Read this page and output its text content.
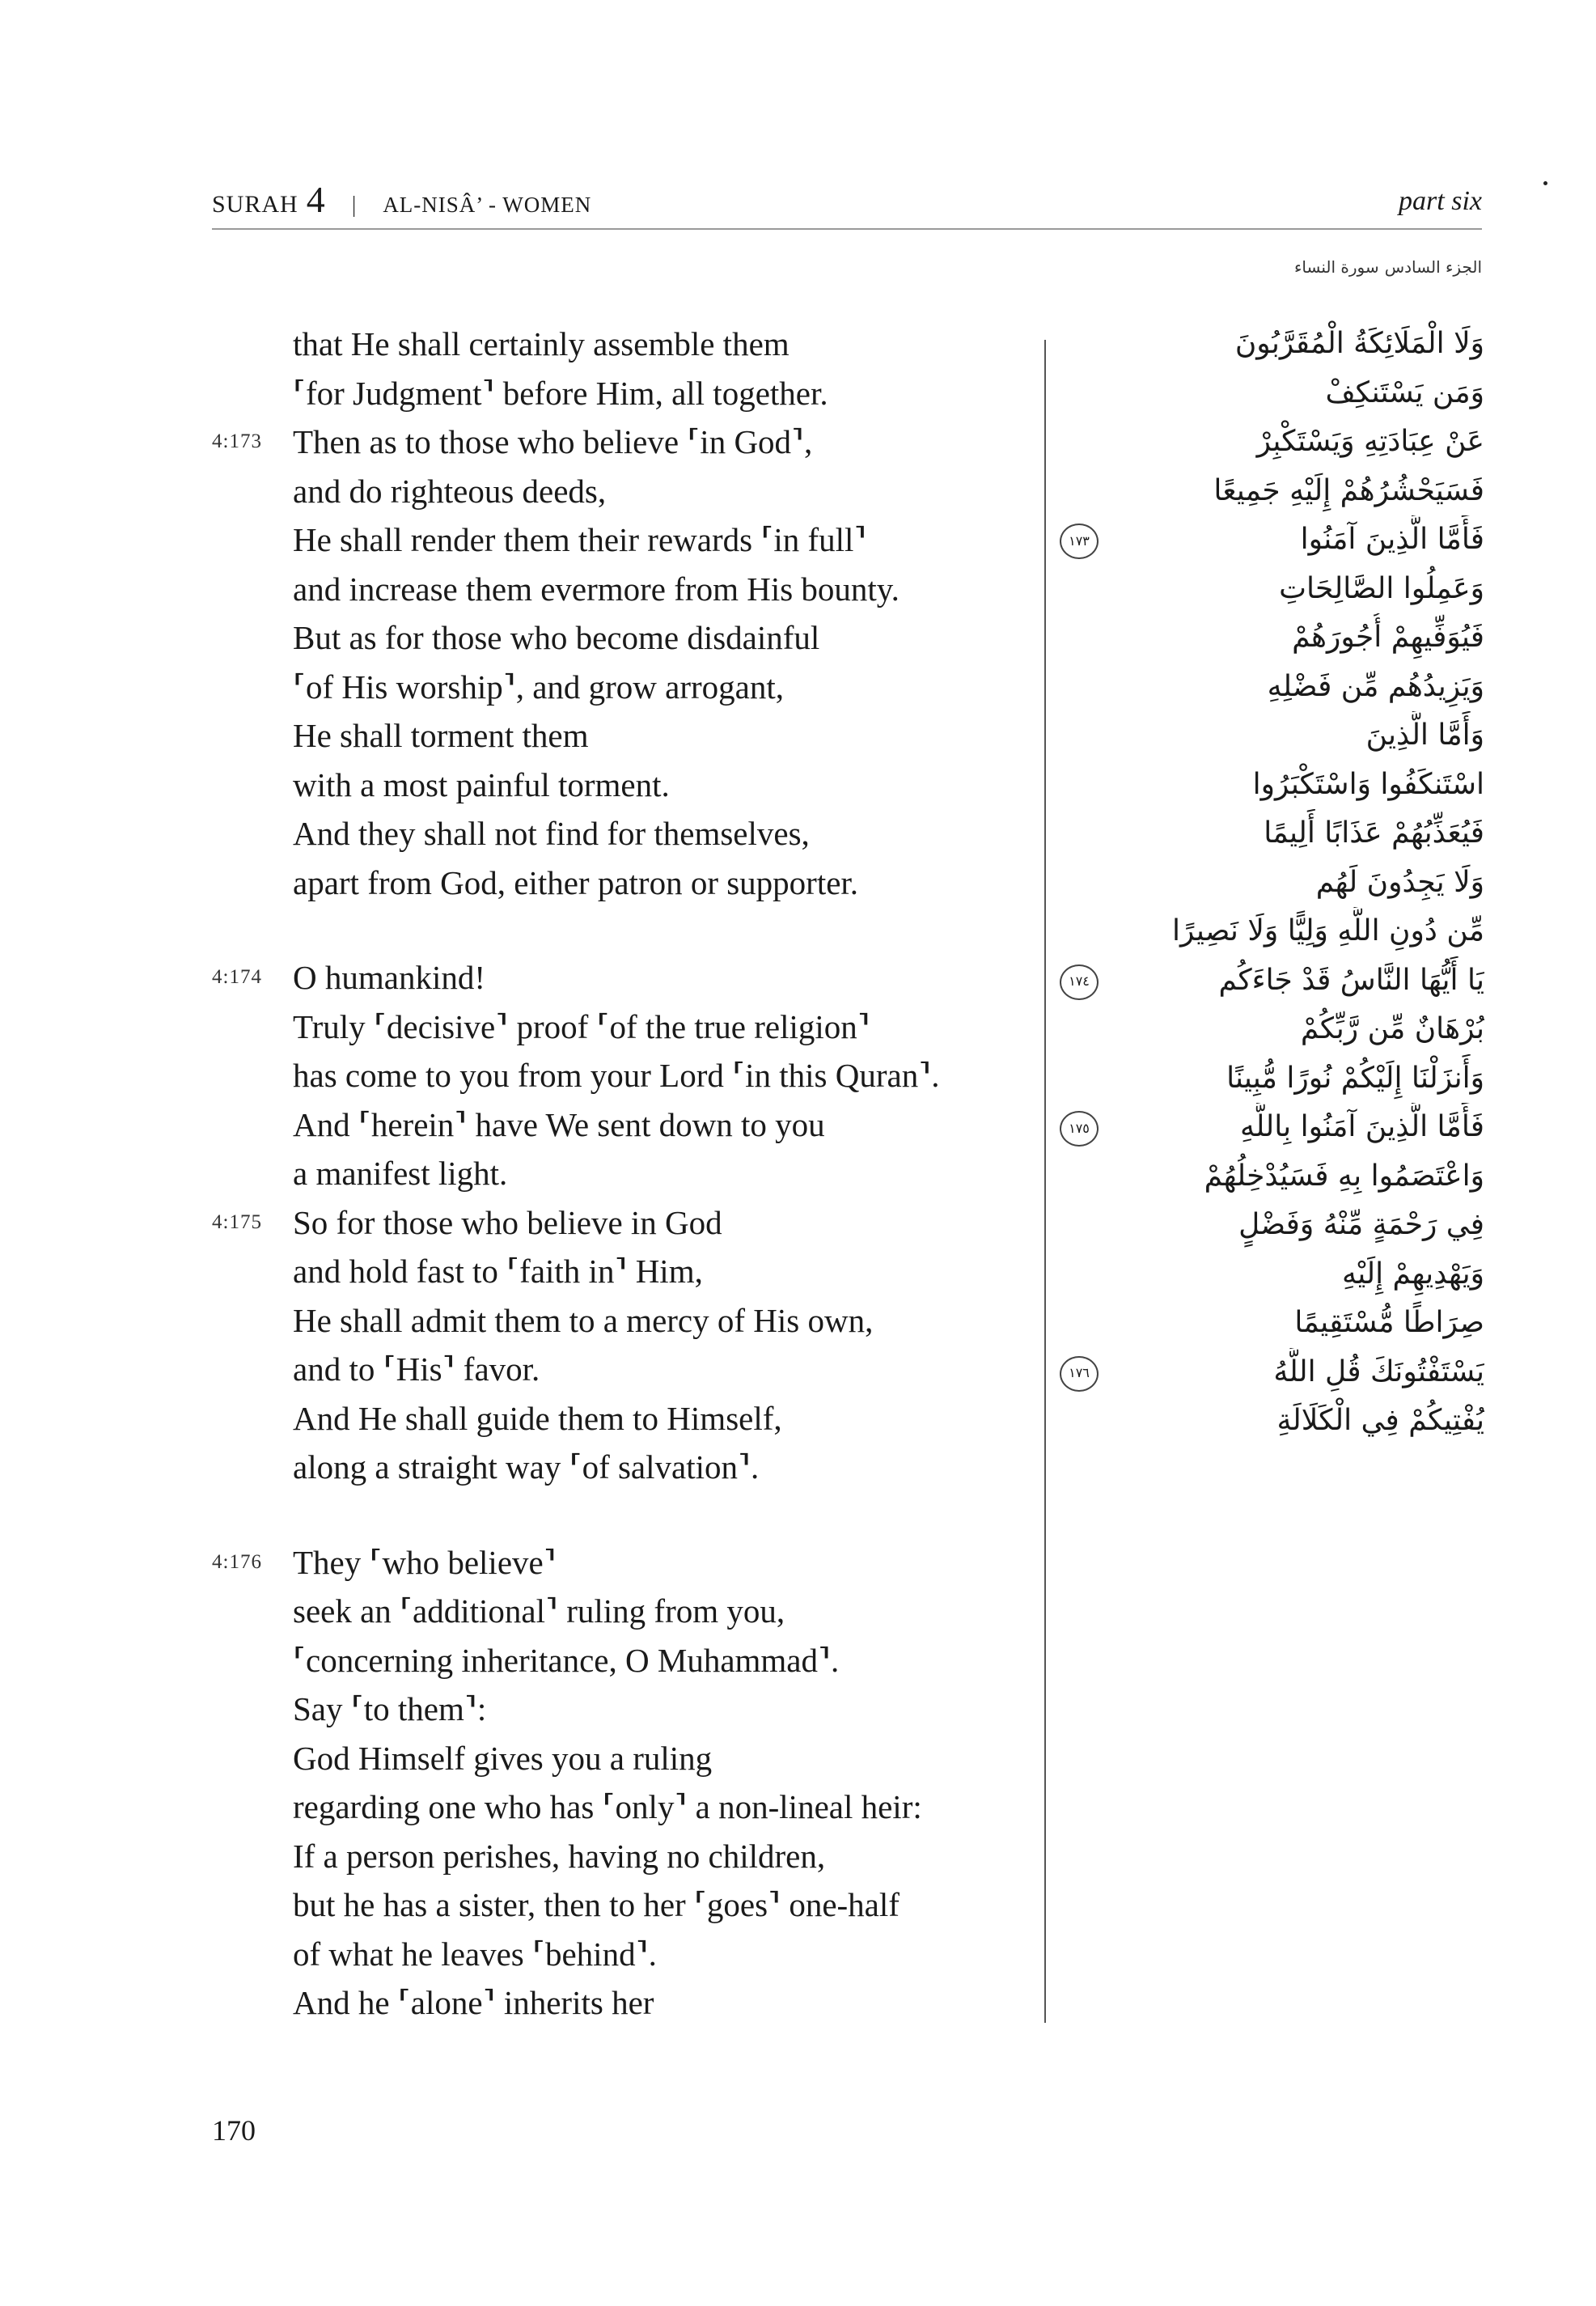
SURAH 4 | AL-NISÂ’ - WOMEN	part six
الجزء السادس
سورة النساء
that He shall certainly assemble them
⸢for Judgment⸣ before Him, all together.
4:173 Then as to those who believe ⸢in God⸣,
and do righteous deeds,
He shall render them their rewards ⸢in full⸣
and increase them evermore from His bounty.
But as for those who become disdainful
⸢of His worship⸣, and grow arrogant,
He shall torment them
with a most painful torment.
And they shall not find for themselves,
apart from God, either patron or supporter.
4:174 O humankind!
Truly ⸢decisive⸣ proof ⸢of the true religion⸣
has come to you from your Lord ⸢in this Quran⸣.
And ⸢herein⸣ have We sent down to you
a manifest light.
4:175 So for those who believe in God
and hold fast to ⸢faith in⸣ Him,
He shall admit them to a mercy of His own,
and to ⸢His⸣ favor.
And He shall guide them to Himself,
along a straight way ⸢of salvation⸣.
4:176 They ⸢who believe⸣
seek an ⸢additional⸣ ruling from you,
⸢concerning inheritance, O Muhammad⸣.
Say ⸢to them⸣:
God Himself gives you a ruling
regarding one who has ⸢only⸣ a non-lineal heir:
If a person perishes, having no children,
but he has a sister, then to her ⸢goes⸣ one-half
of what he leaves ⸢behind⸣.
And he ⸢alone⸣ inherits her
وَلَا الْمَلَائِكَةُ الْمُقَرَّبُونَ
وَمَن يَسْتَنكِفْ
عَنْ عِبَادَتِهِ وَيَسْتَكْبِرْ
فَسَيَحْشُرُهُمْ إِلَيْهِ جَمِيعًا
فَأَمَّا الَّذِينَ آمَنُوا
١٧٣
وَعَمِلُوا الصَّالِحَاتِ
فَيُوَفِّيهِمْ أُجُورَهُمْ
وَيَزِيدُهُم مِّن فَضْلِهِ
وَأَمَّا الَّذِينَ
اسْتَنكَفُوا وَاسْتَكْبَرُوا
فَيُعَذِّبُهُمْ عَذَابًا أَلِيمًا
وَلَا يَجِدُونَ لَهُم
مِّن دُونِ اللَّهِ وَلِيًّا وَلَا نَصِيرًا
يَا أَيُّهَا النَّاسُ قَدْ جَاءَكُم
١٧٤
بُرْهَانٌ مِّن رَّبِّكُمْ
وَأَنزَلْنَا إِلَيْكُمْ نُورًا مُّبِينًا
فَأَمَّا الَّذِينَ آمَنُوا بِاللَّهِ
١٧٥
وَاعْتَصَمُوا بِهِ فَسَيُدْخِلُهُمْ
فِي رَحْمَةٍ مِّنْهُ وَفَضْلٍ
وَيَهْدِيهِمْ إِلَيْهِ
صِرَاطًا مُّسْتَقِيمًا
يَسْتَفْتُونَكَ قُلِ اللَّهُ
١٧٦
يُفْتِيكُمْ فِي الْكَلَالَةِ
170
